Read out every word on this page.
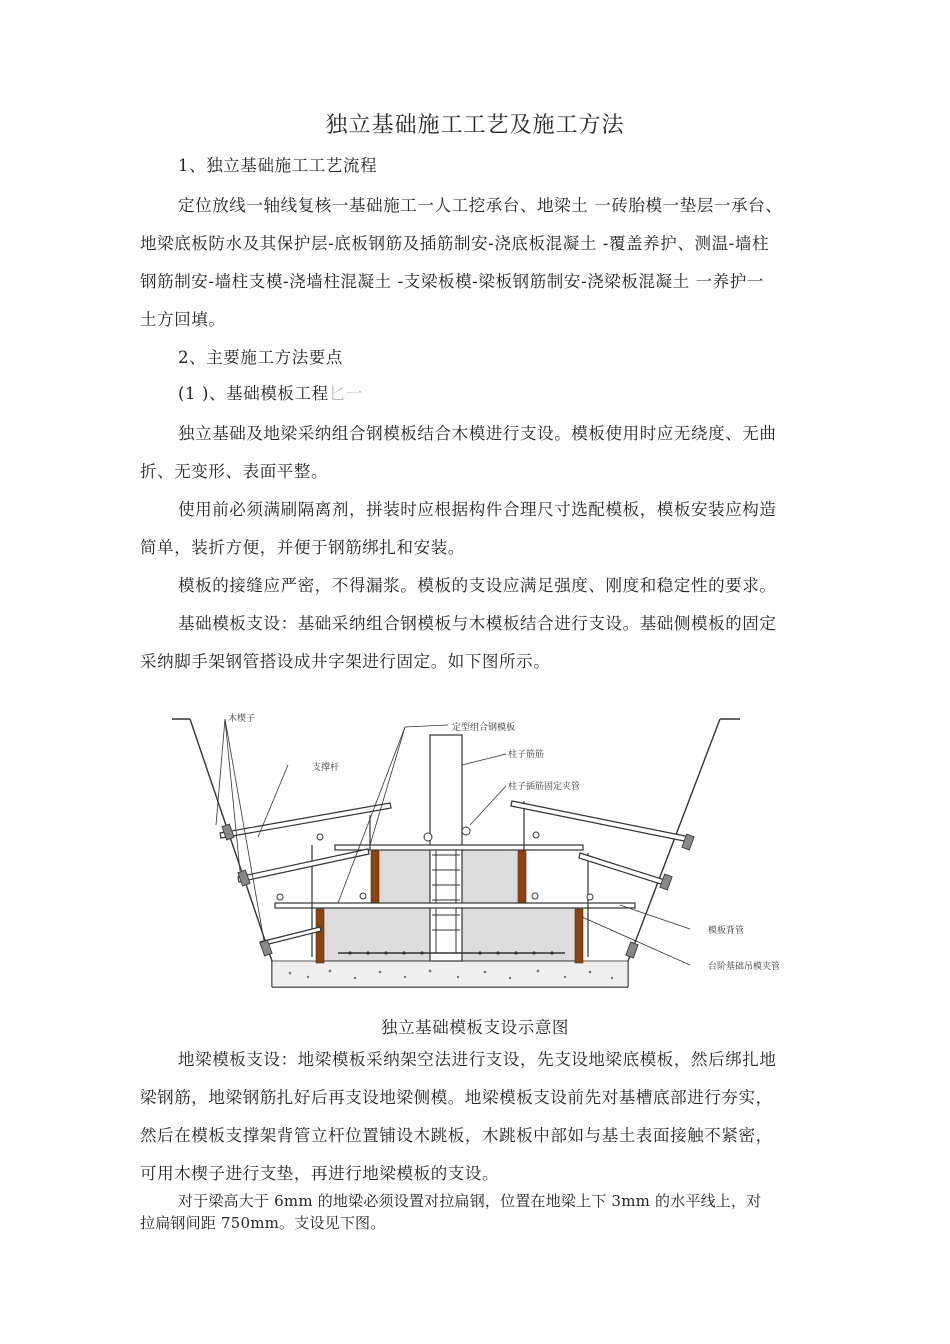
独立基础施工工艺及施工方法
1、独立基础施工工艺流程
定位放线一轴线复核一基础施工一人工挖承台、地梁土 一砖胎模一垫层一承台、
地梁底板防水及其保护层-底板钢筋及插筋制安-浇底板混凝土 -覆盖养护、测温-墙柱
钢筋制安-墙柱支模-浇墙柱混凝土 -支梁板模-梁板钢筋制安-浇梁板混凝土 一养护一
土方回填。
2、主要施工方法要点
(1 )、基础模板工程匕一
独立基础及地梁采纳组合钢模板结合木模进行支设。模板使用时应无绕度、无曲
折、无变形、表面平整。
使用前必须满刷隔离剂，拼装时应根据构件合理尺寸选配模板，模板安装应构造
简单，装折方便，并便于钢筋绑扎和安装。
模板的接缝应严密，不得漏浆。模板的支设应满足强度、刚度和稳定性的要求。
基础模板支设：基础采纳组合钢模板与木模板结合进行支设。基础侧模板的固定
采纳脚手架钢管搭设成井字架进行固定。如下图所示。
木楔子
支撑杆
定型组合钢模板
柱子筋筋
柱子插筋固定夹管
模板背管
台阶基础吊模夹管
独立基础模板支设示意图
地梁模板支设：地梁模板采纳架空法进行支设，先支设地梁底模板，然后绑扎地
梁钢筋，地梁钢筋扎好后再支设地梁侧模。地梁模板支设前先对基槽底部进行夯实，
然后在模板支撑架背管立杆位置铺设木跳板，木跳板中部如与基土表面接触不紧密，
可用木楔子进行支垫，再进行地梁模板的支设。
对于梁高大于 6mm 的地梁必须设置对拉扁钢，位置在地梁上下 3mm 的水平线上，对
拉扁钢间距 750mm。支设见下图。
